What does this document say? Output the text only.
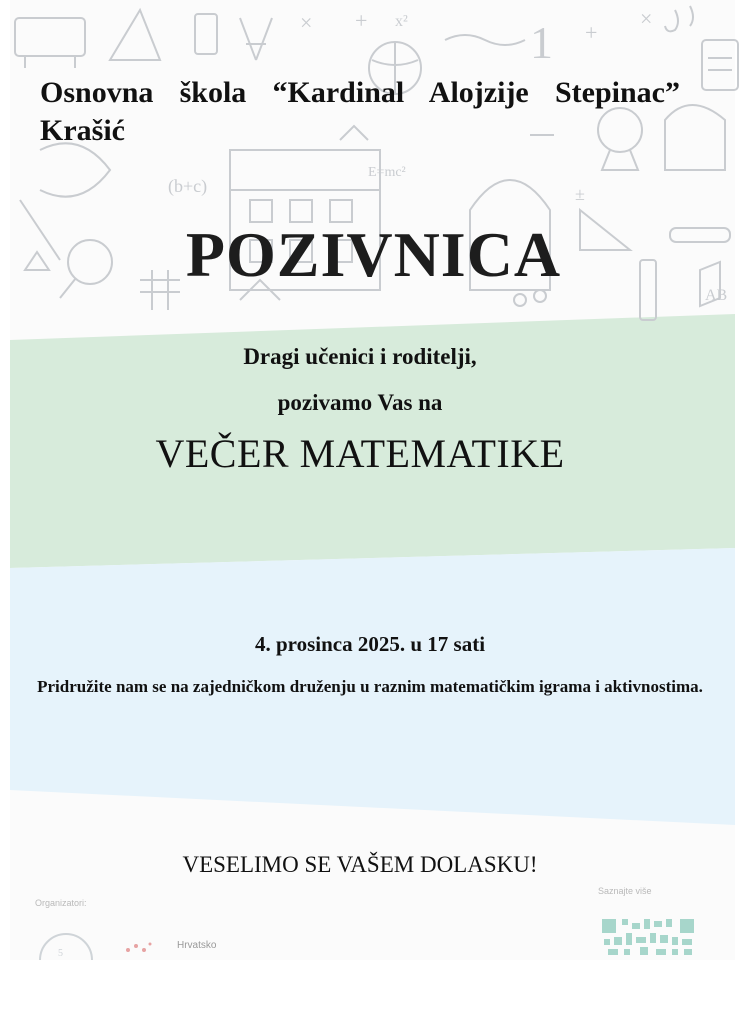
× + x²	1 +
×
(b+c)
E=mc²
±
AB
Osnovna škola “Kardinal Alojzije Stepinac” Krašić
POZIVNICA
Dragi učenici i roditelji,
pozivamo Vas na
VEČER MATEMATIKE
4. prosinca 2025. u 17 sati
Pridružite nam se na zajedničkom druženju u raznim matematičkim igrama i aktivnostima.
VESELIMO SE VAŠEM DOLASKU!
Organizatori:
Saznajte više
Hrvatsko
5
